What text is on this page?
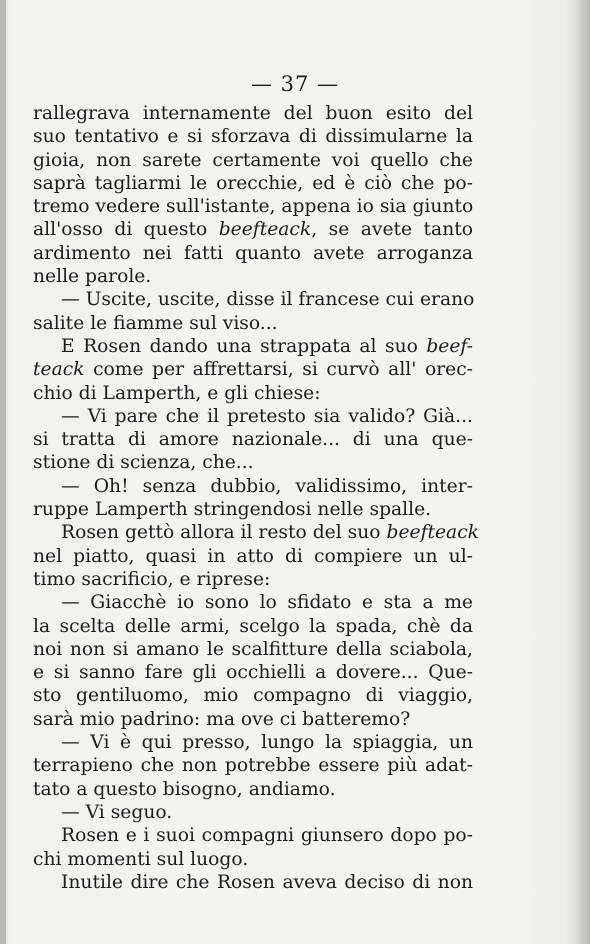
— 37 —
rallegrava internamente del buon esito del
suo tentativo e si sforzava di dissimularne la
gioia, non sarete certamente voi quello che
saprà tagliarmi le orecchie, ed è ciò che po-
tremo vedere sull'istante, appena io sia giunto
all'osso di questo beefteack, se avete tanto
ardimento nei fatti quanto avete arroganza
nelle parole.
— Uscite, uscite, disse il francese cui erano
salite le fiamme sul viso...
E Rosen dando una strappata al suo beef-
teack come per affrettarsi, si curvò all' orec-
chio di Lamperth, e gli chiese:
— Vi pare che il pretesto sia valido? Già...
si tratta di amore nazionale... di una que-
stione di scienza, che...
— Oh! senza dubbio, validissimo, inter-
ruppe Lamperth stringendosi nelle spalle.
Rosen gettò allora il resto del suo beefteack
nel piatto, quasi in atto di compiere un ul-
timo sacrificio, e riprese:
— Giacchè io sono lo sfidato e sta a me
la scelta delle armi, scelgo la spada, chè da
noi non si amano le scalfitture della sciabola,
e si sanno fare gli occhielli a dovere... Que-
sto gentiluomo, mio compagno di viaggio,
sarà mio padrino: ma ove ci batteremo?
— Vi è qui presso, lungo la spiaggia, un
terrapieno che non potrebbe essere più adat-
tato a questo bisogno, andiamo.
— Vi seguo.
Rosen e i suoi compagni giunsero dopo po-
chi momenti sul luogo.
Inutile dire che Rosen aveva deciso di non
